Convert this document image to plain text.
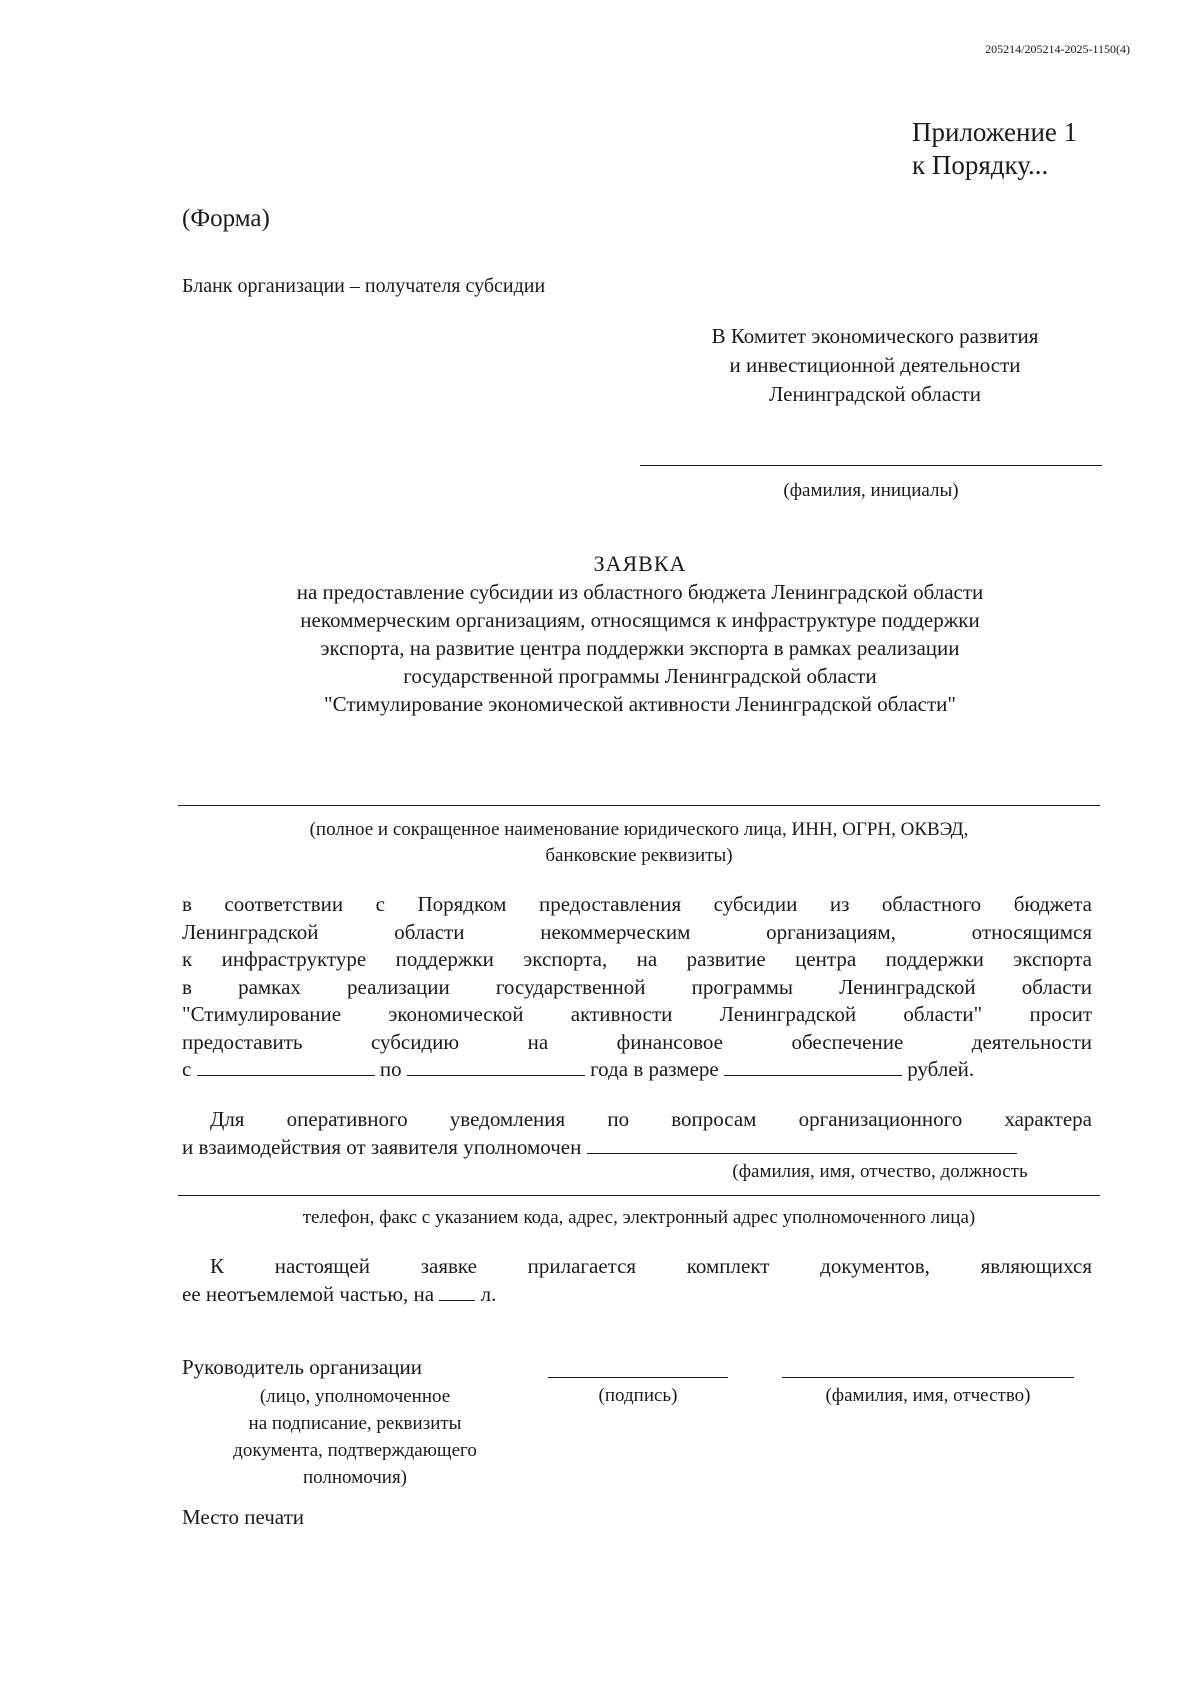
205214/205214-2025-1150(4)
Приложение 1
к Порядку...
(Форма)
Бланк организации – получателя субсидии
В Комитет экономического развития
и инвестиционной деятельности
Ленинградской области
(фамилия, инициалы)
ЗАЯВКА
на предоставление субсидии из областного бюджета Ленинградской области
некоммерческим организациям, относящимся к инфраструктуре поддержки
экспорта, на развитие центра поддержки экспорта в рамках реализации
государственной программы Ленинградской области
"Стимулирование экономической активности Ленинградской области"
(полное и сокращенное наименование юридического лица, ИНН, ОГРН, ОКВЭД,
банковские реквизиты)
в соответствии с Порядком предоставления субсидии из областного бюджета
Ленинградской области некоммерческим организациям, относящимся
к инфраструктуре поддержки экспорта, на развитие центра поддержки экспорта
в рамках реализации государственной программы Ленинградской области
"Стимулирование экономической активности Ленинградской области" просит
предоставить субсидию на финансовое обеспечение деятельности
с	по	года в размере	рублей.
Для оперативного уведомления по вопросам организационного характера
и взаимодействия от заявителя уполномочен
(фамилия, имя, отчество, должность
телефон, факс с указанием кода, адрес, электронный адрес уполномоченного лица)
К настоящей заявке прилагается комплект документов, являющихся
ее неотъемлемой частью, на л.
Руководитель организации
(лицо, уполномоченное
на подписание, реквизиты
документа, подтверждающего
полномочия)
(подпись)	(фамилия, имя, отчество)
Место печати
